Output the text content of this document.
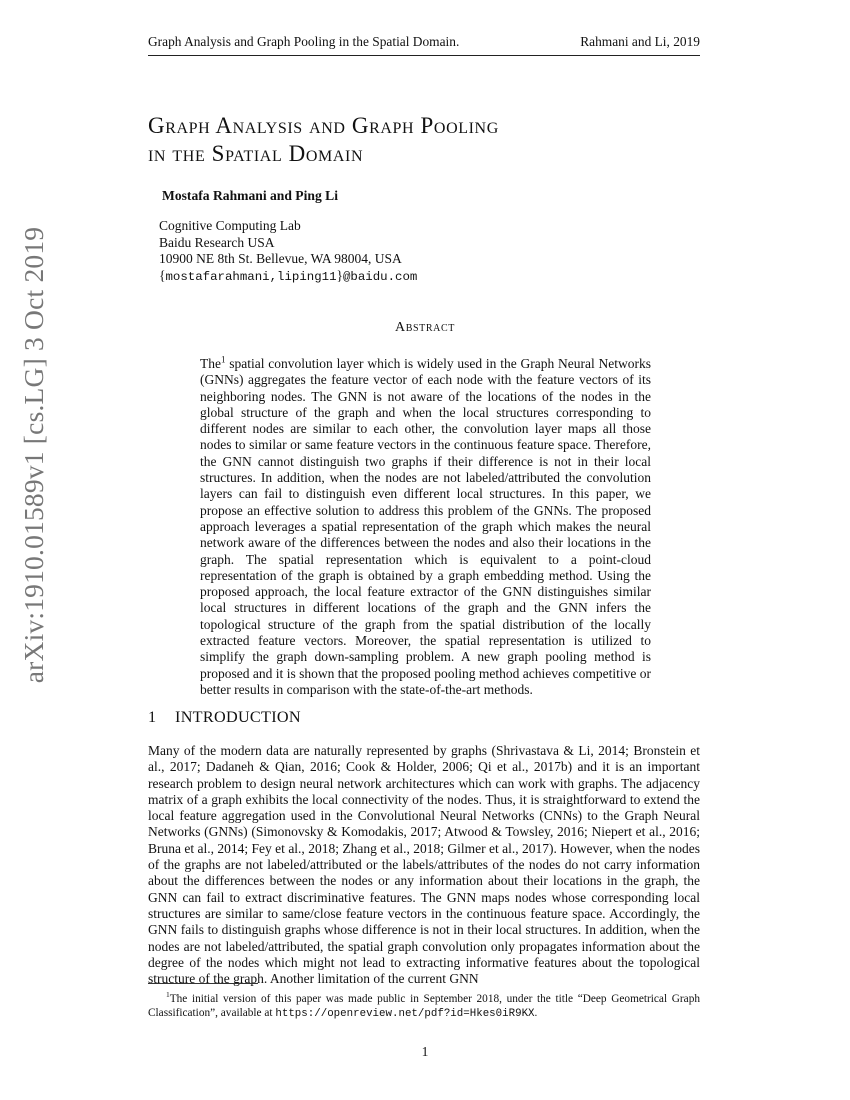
Graph Analysis and Graph Pooling in the Spatial Domain.	Rahmani and Li, 2019
arXiv:1910.01589v1 [cs.LG] 3 Oct 2019
Graph Analysis and Graph Pooling
in the Spatial Domain
Mostafa Rahmani and Ping Li
Cognitive Computing Lab
Baidu Research USA
10900 NE 8th St. Bellevue, WA 98004, USA
{mostafarahmani,liping11}@baidu.com
Abstract

The$^1$ spatial convolution layer which is widely used in the Graph Neural Networks (GNNs) aggregates the feature vector of each node with the feature vectors of its neighboring nodes. The GNN is not aware of the locations of the nodes in the global structure of the graph and when the local structures corresponding to different nodes are similar to each other, the convolution layer maps all those nodes to similar or same feature vectors in the continuous feature space. Therefore, the GNN cannot distinguish two graphs if their difference is not in their local structures. In addition, when the nodes are not labeled/attributed the convolution layers can fail to distinguish even different local structures. In this paper, we propose an effective solution to address this problem of the GNNs. The proposed approach leverages a spatial representation of the graph which makes the neural network aware of the differences between the nodes and also their locations in the graph. The spatial representation which is equivalent to a point-cloud representation of the graph is obtained by a graph embedding method. Using the proposed approach, the local feature extractor of the GNN distinguishes similar local structures in different locations of the graph and the GNN infers the topological structure of the graph from the spatial distribution of the locally extracted feature vectors. Moreover, the spatial representation is utilized to simplify the graph down-sampling problem. A new graph pooling method is proposed and it is shown that the proposed pooling method achieves competitive or better results in comparison with the state-of-the-art methods.

1 INTRODUCTION

Many of the modern data are naturally represented by graphs (Shrivastava & Li, 2014; Bronstein et al., 2017; Dadaneh & Qian, 2016; Cook & Holder, 2006; Qi et al., 2017b) and it is an important research problem to design neural network architectures which can work with graphs. The adjacency matrix of a graph exhibits the local connectivity of the nodes. Thus, it is straightforward to extend the local feature aggregation used in the Convolutional Neural Networks (CNNs) to the Graph Neural Networks (GNNs) (Simonovsky & Komodakis, 2017; Atwood & Towsley, 2016; Niepert et al., 2016; Bruna et al., 2014; Fey et al., 2018; Zhang et al., 2018; Gilmer et al., 2017). However, when the nodes of the graphs are not labeled/attributed or the labels/attributes of the nodes do not carry information about the differences between the nodes or any information about their locations in the graph, the GNN can fail to extract discriminative features. The GNN maps nodes whose corresponding local structures are similar to same/close feature vectors in the continuous feature space. Accordingly, the GNN fails to distinguish graphs whose difference is not in their local structures. In addition, when the nodes are not labeled/attributed, the spatial graph convolution only propagates information about the degree of the nodes which might not lead to extracting informative features about the topological structure of the graph. Another limitation of the current GNN

$^1$The initial version of this paper was made public in September 2018, under the title “Deep Geometrical Graph Classification”, available at https://openreview.net/pdf?id=Hkes0iR9KX.

1
